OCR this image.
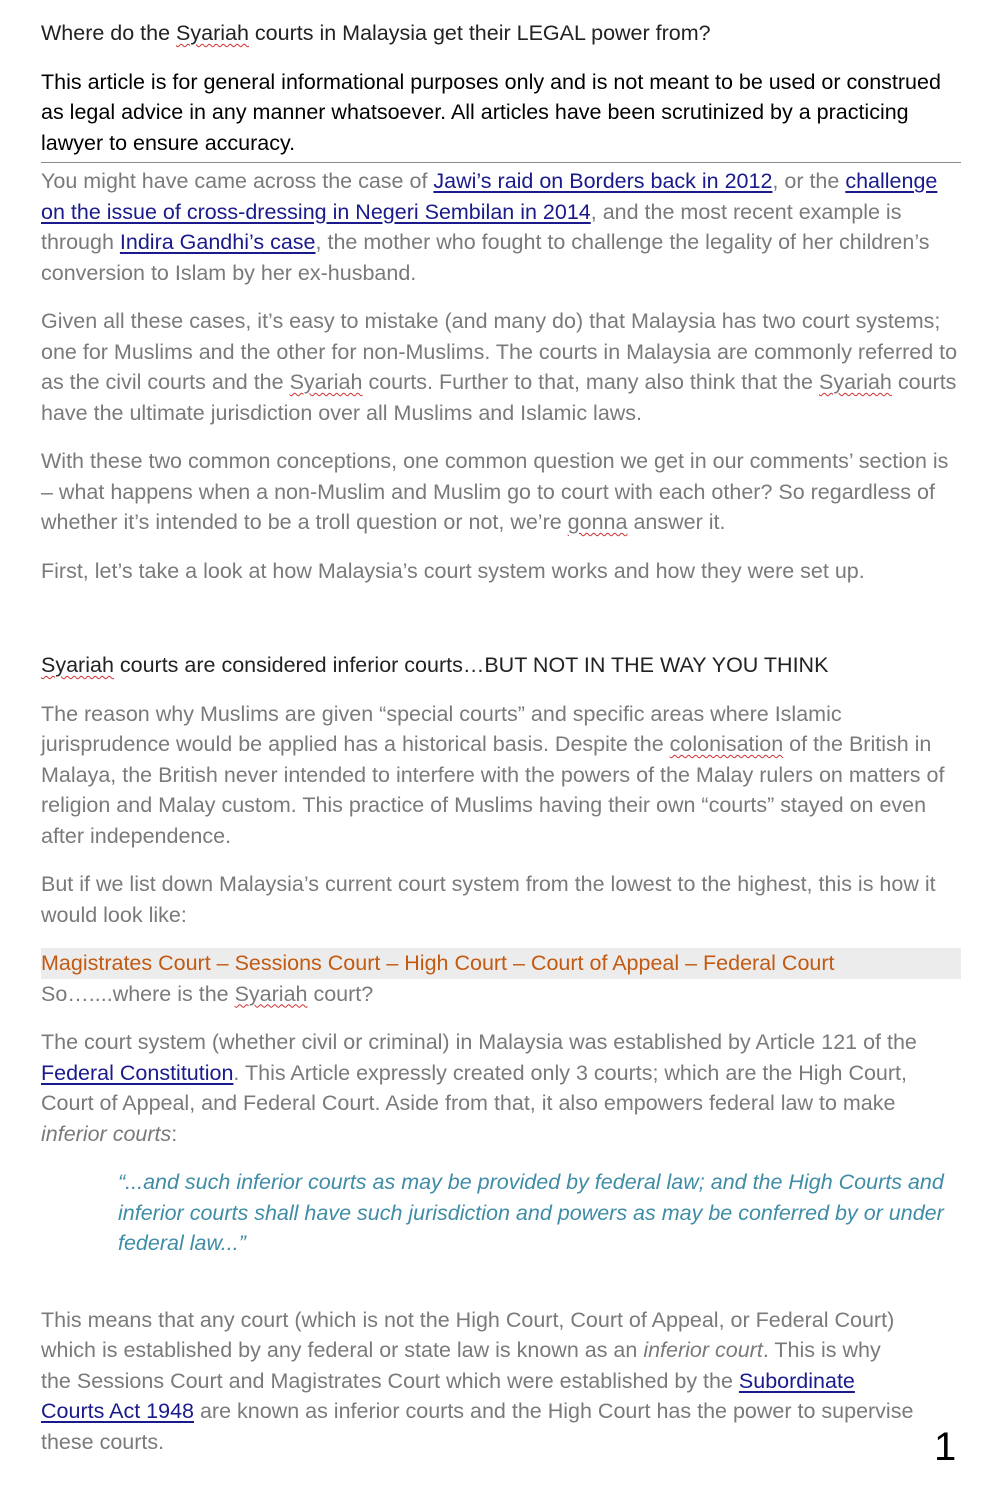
Where do the Syariah courts in Malaysia get their LEGAL power from?

This article is for general informational purposes only and is not meant to be used or construed as legal advice in any manner whatsoever. All articles have been scrutinized by a practicing lawyer to ensure accuracy.

You might have came across the case of Jawi’s raid on Borders back in 2012, or the challenge on the issue of cross-dressing in Negeri Sembilan in 2014, and the most recent example is through Indira Gandhi’s case, the mother who fought to challenge the legality of her children’s conversion to Islam by her ex-husband.

Given all these cases, it’s easy to mistake (and many do) that Malaysia has two court systems; one for Muslims and the other for non-Muslims. The courts in Malaysia are commonly referred to as the civil courts and the Syariah courts. Further to that, many also think that the Syariah courts have the ultimate jurisdiction over all Muslims and Islamic laws.

With these two common conceptions, one common question we get in our comments’ section is – what happens when a non-Muslim and Muslim go to court with each other? So regardless of whether it’s intended to be a troll question or not, we’re gonna answer it.

First, let’s take a look at how Malaysia’s court system works and how they were set up.

Syariah courts are considered inferior courts…BUT NOT IN THE WAY YOU THINK

The reason why Muslims are given “special courts” and specific areas where Islamic jurisprudence would be applied has a historical basis. Despite the colonisation of the British in Malaya, the British never intended to interfere with the powers of the Malay rulers on matters of religion and Malay custom. This practice of Muslims having their own “courts” stayed on even after independence.

But if we list down Malaysia’s current court system from the lowest to the highest, this is how it would look like:

Magistrates Court – Sessions Court – High Court – Court of Appeal – Federal Court

So…....where is the Syariah court?

The court system (whether civil or criminal) in Malaysia was established by Article 121 of the Federal Constitution. This Article expressly created only 3 courts; which are the High Court, Court of Appeal, and Federal Court. Aside from that, it also empowers federal law to make inferior courts:

“...and such inferior courts as may be provided by federal law; and the High Courts and inferior courts shall have such jurisdiction and powers as may be conferred by or under federal law...”

This means that any court (which is not the High Court, Court of Appeal, or Federal Court) which is established by any federal or state law is known as an inferior court. This is why the Sessions Court and Magistrates Court which were established by the Subordinate Courts Act 1948 are known as inferior courts and the High Court has the power to supervise these courts.	1
